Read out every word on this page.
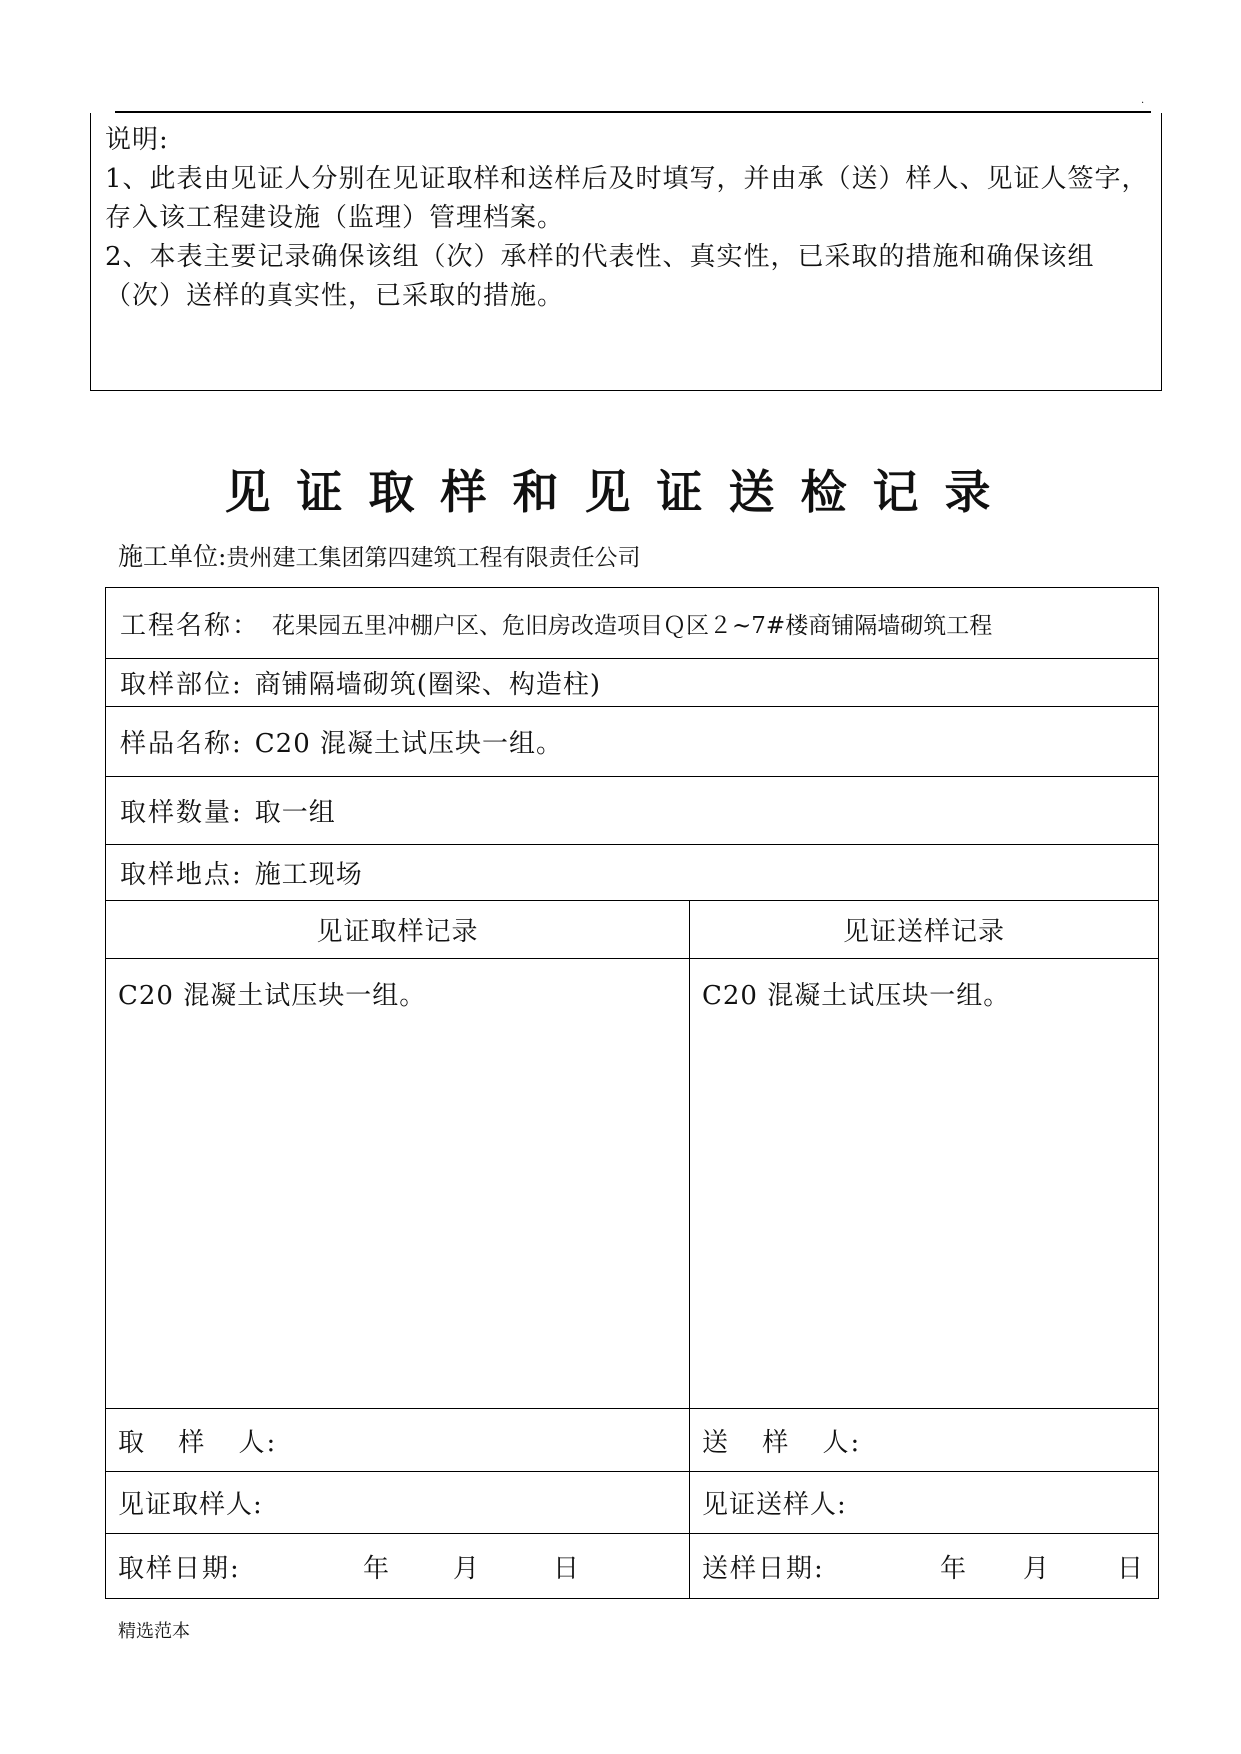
.

说明:

1、此表由见证人分别在见证取样和送样后及时填写，并由承（送）样人、见证人签字，存入该工程建设施（监理）管理档案。

2、本表主要记录确保该组（次）承样的代表性、真实性，已采取的措施和确保该组（次）送样的真实性，已采取的措施。

见证取样和见证送检记录
施工单位:贵州建工集团第四建筑工程有限责任公司
工程名称： 花果园五里冲棚户区、危旧房改造项目Ｑ区２~7#楼商铺隔墙砌筑工程
取样部位: 商铺隔墙砌筑(圈梁、构造柱)
样品名称: C20 混凝土试压块一组。
取样数量: 取一组
取样地点: 施工现场
见证取样记录	见证送样记录
C20 混凝土试压块一组。	C20 混凝土试压块一组。
取 样 人:	送 样 人:
见证取样人:	见证送样人:
取样日期:	年 月	日	送样日期:	年 月	日
精选范本
